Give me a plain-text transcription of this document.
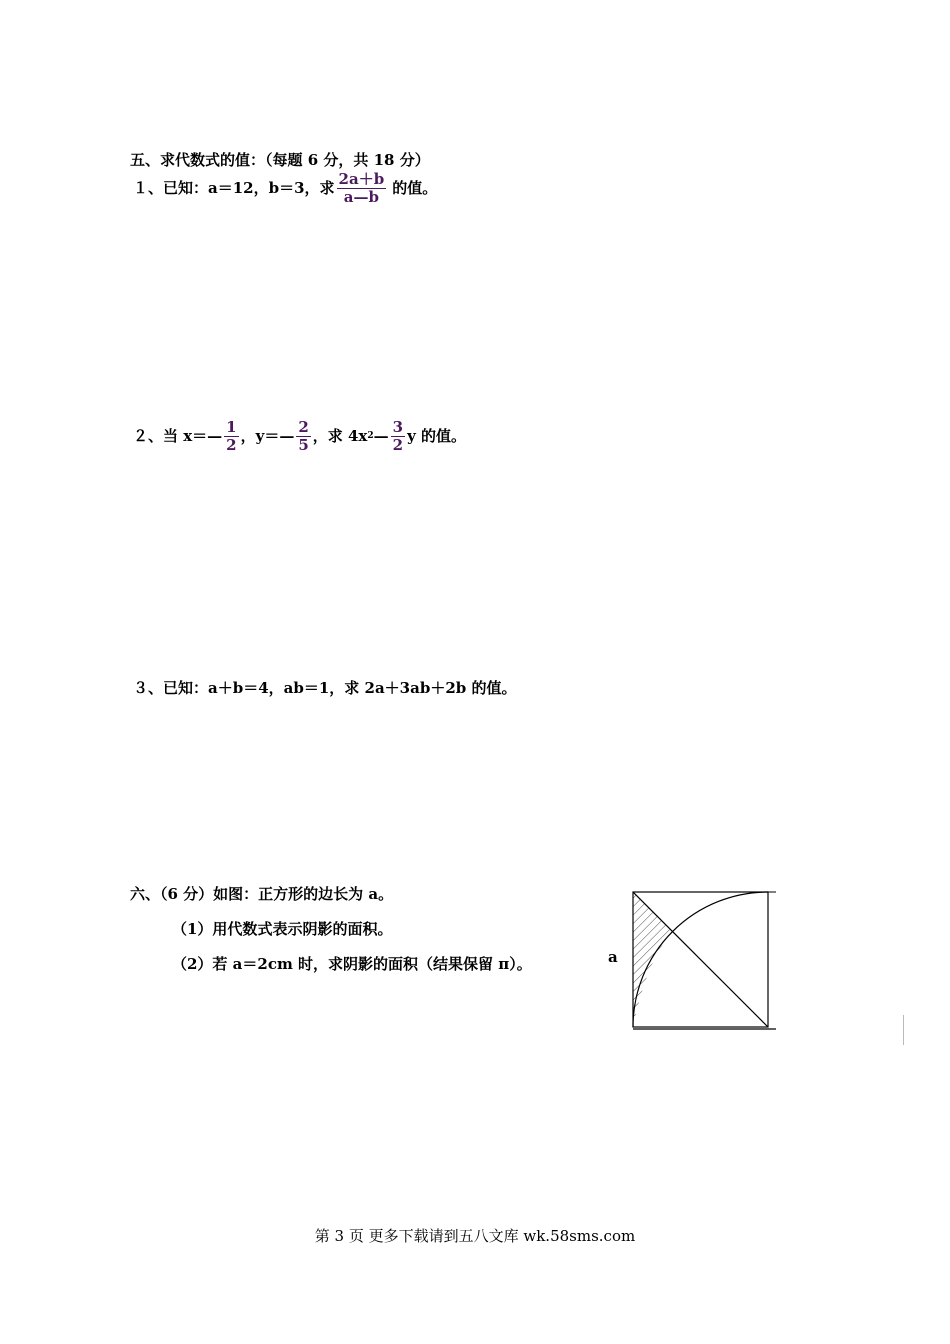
五、求代数式的值：（每题 6 分，共 18 分）
１、已知：a＝12，b＝3，求 $\frac{2a+b}{a—b}$ 的值。
２、当 x＝— $\frac{1}{2}$ ，y＝— $\frac{2}{5}$ ，求 4x 2 — $\frac{3}{2}$ y 的值。
３、已知：a＋b＝4，ab＝1，求 2a＋3ab＋2b 的值。
六、（6 分）如图：正方形的边长为 a。
（1）用代数式表示阴影的面积。
（2）若 a＝2cm 时，求阴影的面积（结果保留 π）。	a
第 3 页 更多下载请到五八文库 wk.58sms.com
